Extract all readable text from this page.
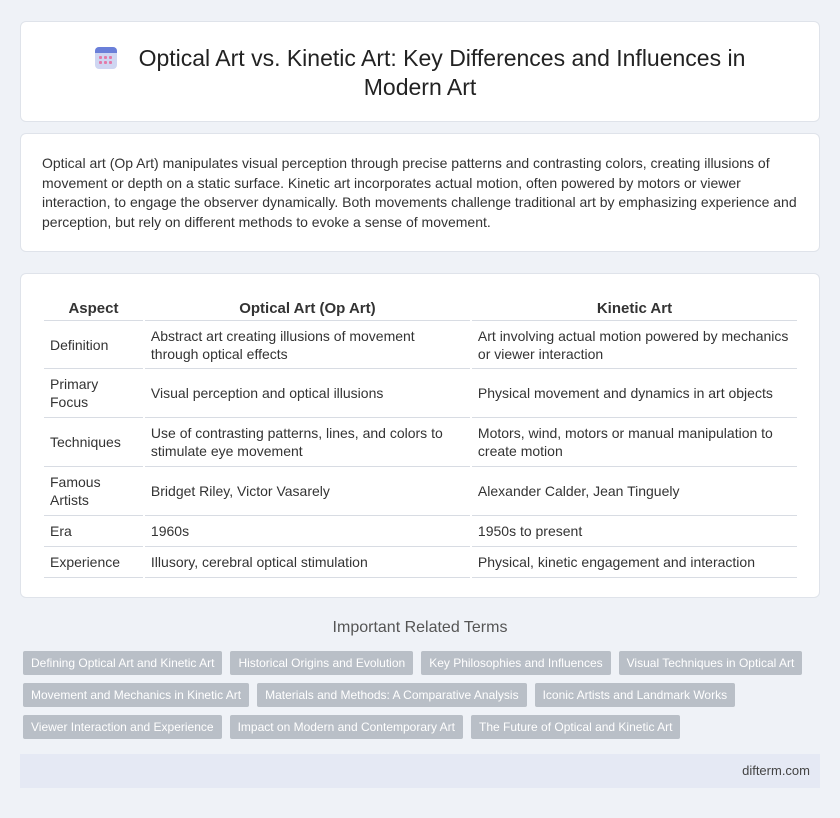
Optical Art vs. Kinetic Art: Key Differences and Influences in Modern Art

Optical art (Op Art) manipulates visual perception through precise patterns and contrasting colors, creating illusions of movement or depth on a static surface. Kinetic art incorporates actual motion, often powered by motors or viewer interaction, to engage the observer dynamically. Both movements challenge traditional art by emphasizing experience and perception, but rely on different methods to evoke a sense of movement.

Aspect	Optical Art (Op Art)	Kinetic Art
Definition	Abstract art creating illusions of movement through optical effects	Art involving actual motion powered by mechanics or viewer interaction
Primary Focus	Visual perception and optical illusions	Physical movement and dynamics in art objects
Techniques	Use of contrasting patterns, lines, and colors to stimulate eye movement	Motors, wind, motors or manual manipulation to create motion
Famous Artists	Bridget Riley, Victor Vasarely	Alexander Calder, Jean Tinguely
Era	1960s	1950s to present
Experience	Illusory, cerebral optical stimulation	Physical, kinetic engagement and interaction
Important Related Terms
Defining Optical Art and Kinetic Art	Historical Origins and Evolution	Key Philosophies and Influences	Visual Techniques in Optical Art
Movement and Mechanics in Kinetic Art	Materials and Methods: A Comparative Analysis	Iconic Artists and Landmark Works
Viewer Interaction and Experience	Impact on Modern and Contemporary Art	The Future of Optical and Kinetic Art
difterm.com
